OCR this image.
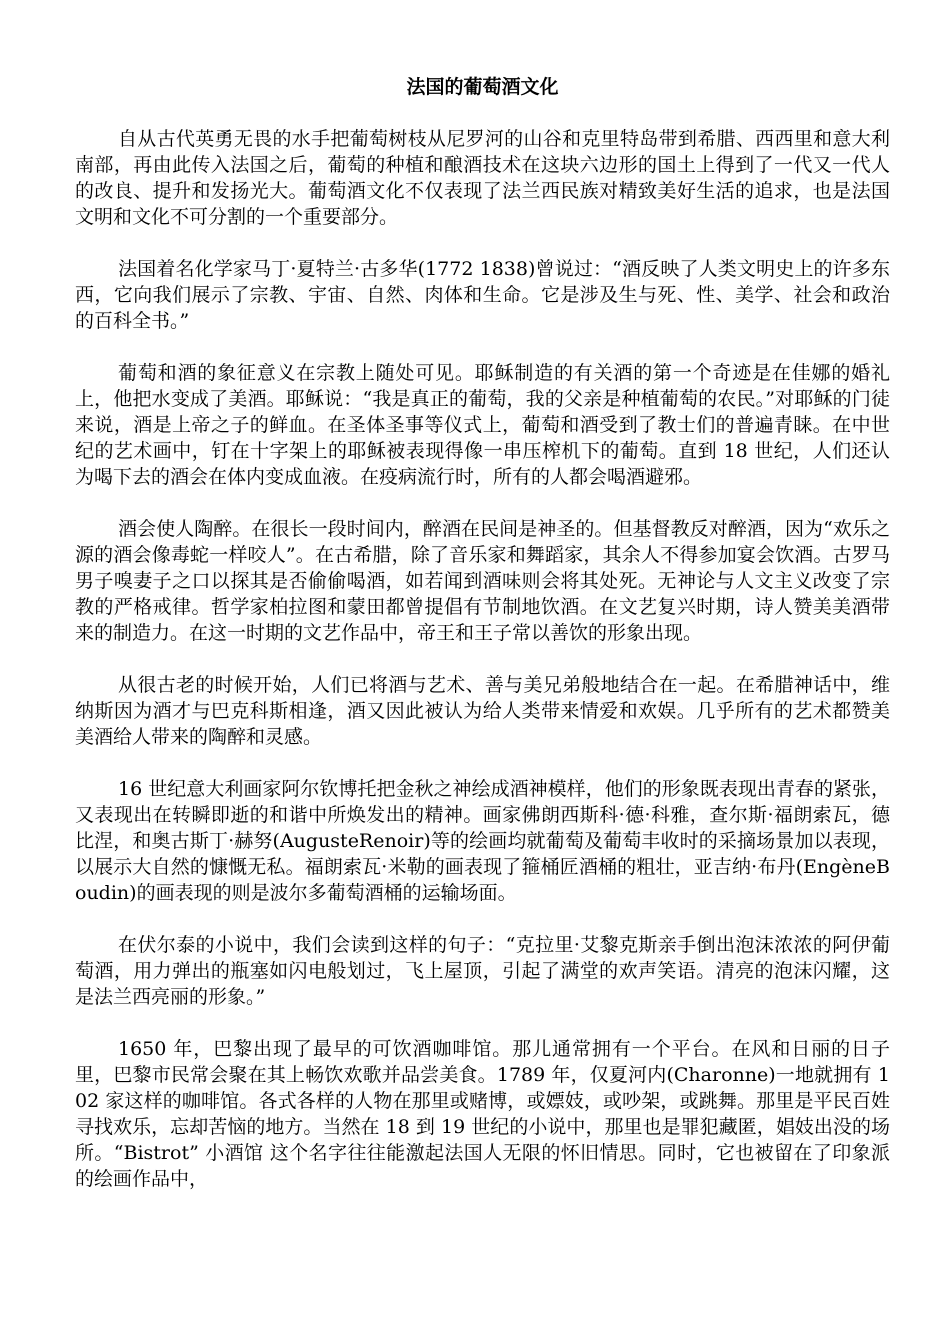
法国的葡萄酒文化

自从古代英勇无畏的水手把葡萄树枝从尼罗河的山谷和克里特岛带到希腊、西西里和意大利南部，再由此传入法国之后，葡萄的种植和酿酒技术在这块六边形的国土上得到了一代又一代人的改良、提升和发扬光大。葡萄酒文化不仅表现了法兰西民族对精致美好生活的追求，也是法国文明和文化不可分割的一个重要部分。

法国着名化学家马丁·夏特兰·古多华(1772 1838)曾说过：“酒反映了人类文明史上的许多东西，它向我们展示了宗教、宇宙、自然、肉体和生命。它是涉及生与死、性、美学、社会和政治的百科全书。”

葡萄和酒的象征意义在宗教上随处可见。耶稣制造的有关酒的第一个奇迹是在佳娜的婚礼上，他把水变成了美酒。耶稣说：“我是真正的葡萄，我的父亲是种植葡萄的农民。”对耶稣的门徒来说，酒是上帝之子的鲜血。在圣体圣事等仪式上，葡萄和酒受到了教士们的普遍青睐。在中世纪的艺术画中，钉在十字架上的耶稣被表现得像一串压榨机下的葡萄。直到 18 世纪，人们还认为喝下去的酒会在体内变成血液。在疫病流行时，所有的人都会喝酒避邪。

酒会使人陶醉。在很长一段时间内，醉酒在民间是神圣的。但基督教反对醉酒，因为“欢乐之源的酒会像毒蛇一样咬人”。在古希腊，除了音乐家和舞蹈家，其余人不得参加宴会饮酒。古罗马男子嗅妻子之口以探其是否偷偷喝酒，如若闻到酒味则会将其处死。无神论与人文主义改变了宗教的严格戒律。哲学家柏拉图和蒙田都曾提倡有节制地饮酒。在文艺复兴时期，诗人赞美美酒带来的制造力。在这一时期的文艺作品中，帝王和王子常以善饮的形象出现。

从很古老的时候开始，人们已将酒与艺术、善与美兄弟般地结合在一起。在希腊神话中，维纳斯因为酒才与巴克科斯相逢，酒又因此被认为给人类带来情爱和欢娱。几乎所有的艺术都赞美美酒给人带来的陶醉和灵感。

16 世纪意大利画家阿尔钦博托把金秋之神绘成酒神模样，他们的形象既表现出青春的紧张，又表现出在转瞬即逝的和谐中所焕发出的精神。画家佛朗西斯科·德·科雅，查尔斯·福朗索瓦，德比涅，和奥古斯丁·赫努(AugusteRenoir)等的绘画均就葡萄及葡萄丰收时的采摘场景加以表现，以展示大自然的慷慨无私。福朗索瓦·米勒的画表现了箍桶匠酒桶的粗壮，亚吉纳·布丹(EngèneBoudin)的画表现的则是波尔多葡萄酒桶的运输场面。

在伏尔泰的小说中，我们会读到这样的句子：“克拉里·艾黎克斯亲手倒出泡沫浓浓的阿伊葡萄酒，用力弹出的瓶塞如闪电般划过，飞上屋顶，引起了满堂的欢声笑语。清亮的泡沫闪耀，这是法兰西亮丽的形象。”

1650 年，巴黎出现了最早的可饮酒咖啡馆。那儿通常拥有一个平台。在风和日丽的日子里，巴黎市民常会聚在其上畅饮欢歌并品尝美食。1789 年，仅夏河内(Charonne)一地就拥有 102 家这样的咖啡馆。各式各样的人物在那里或赌博，或嫖妓，或吵架，或跳舞。那里是平民百姓寻找欢乐，忘却苦恼的地方。当然在 18 到 19 世纪的小说中，那里也是罪犯藏匿，娼妓出没的场所。“Bistrot” 小酒馆 这个名字往往能激起法国人无限的怀旧情思。同时，它也被留在了印象派的绘画作品中，
